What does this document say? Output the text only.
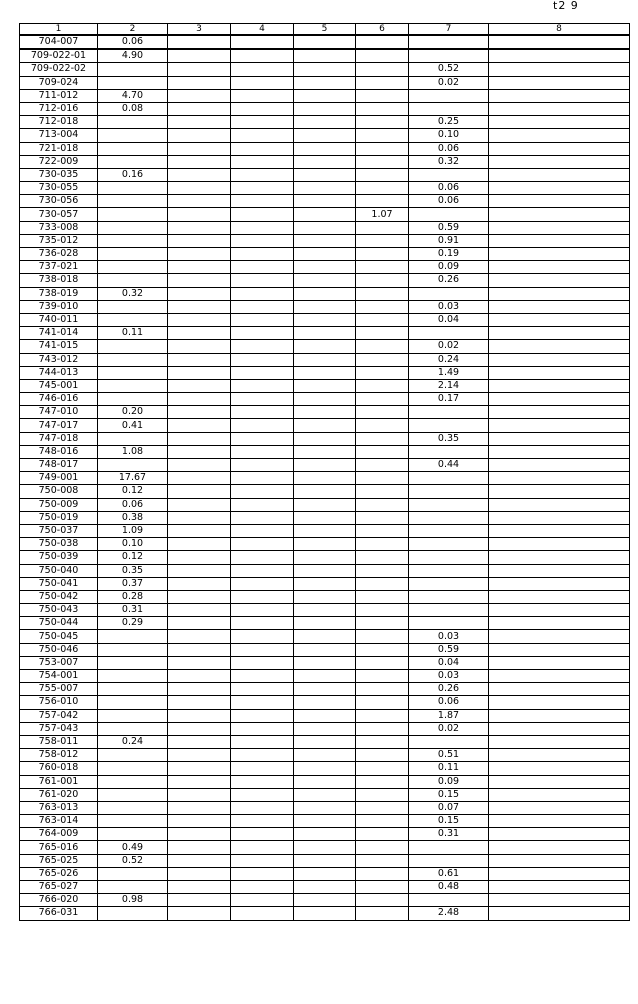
t2 9
1	2	3	4	5	6	7	8
704-007	0.06						
709-022-01	4.90						
709-022-02						0.52	
709-024						0.02	
711-012	4.70						
712-016	0.08						
712-018						0.25	
713-004						0.10	
721-018						0.06	
722-009						0.32	
730-035	0.16						
730-055						0.06	
730-056						0.06	
730-057					1.07		
733-008						0.59	
735-012						0.91	
736-028						0.19	
737-021						0.09	
738-018						0.26	
738-019	0.32						
739-010						0.03	
740-011						0.04	
741-014	0.11						
741-015						0.02	
743-012						0.24	
744-013						1.49	
745-001						2.14	
746-016						0.17	
747-010	0.20						
747-017	0.41						
747-018						0.35	
748-016	1.08						
748-017						0.44	
749-001	17.67						
750-008	0.12						
750-009	0.06						
750-019	0.38						
750-037	1.09						
750-038	0.10						
750-039	0.12						
750-040	0.35						
750-041	0.37						
750-042	0.28						
750-043	0.31						
750-044	0.29						
750-045						0.03	
750-046						0.59	
753-007						0.04	
754-001						0.03	
755-007						0.26	
756-010						0.06	
757-042						1.87	
757-043						0.02	
758-011	0.24						
758-012						0.51	
760-018						0.11	
761-001						0.09	
761-020						0.15	
763-013						0.07	
763-014						0.15	
764-009						0.31	
765-016	0.49						
765-025	0.52						
765-026						0.61	
765-027						0.48	
766-020	0.98						
766-031						2.48	
